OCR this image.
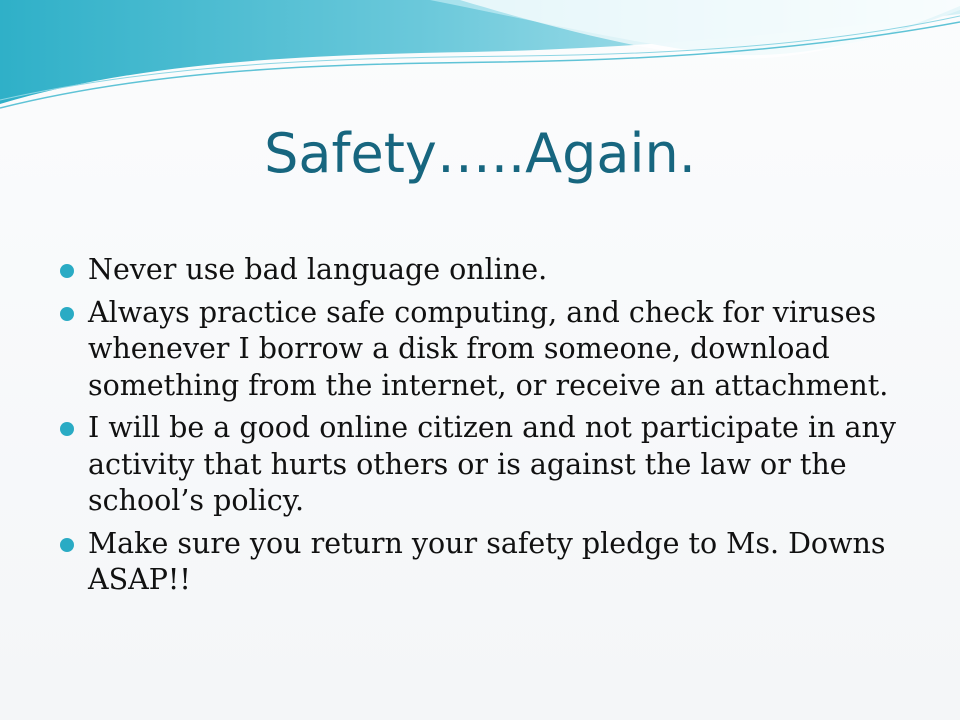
Safety…..Again.
Never use bad language online.
Always practice safe computing, and check for viruses whenever I borrow a disk from someone, download something from the internet, or receive an attachment.
I will be a good online citizen and not participate in any activity that hurts others or is against the law or the school’s policy.
Make sure you return your safety pledge to Ms. Downs ASAP!!
